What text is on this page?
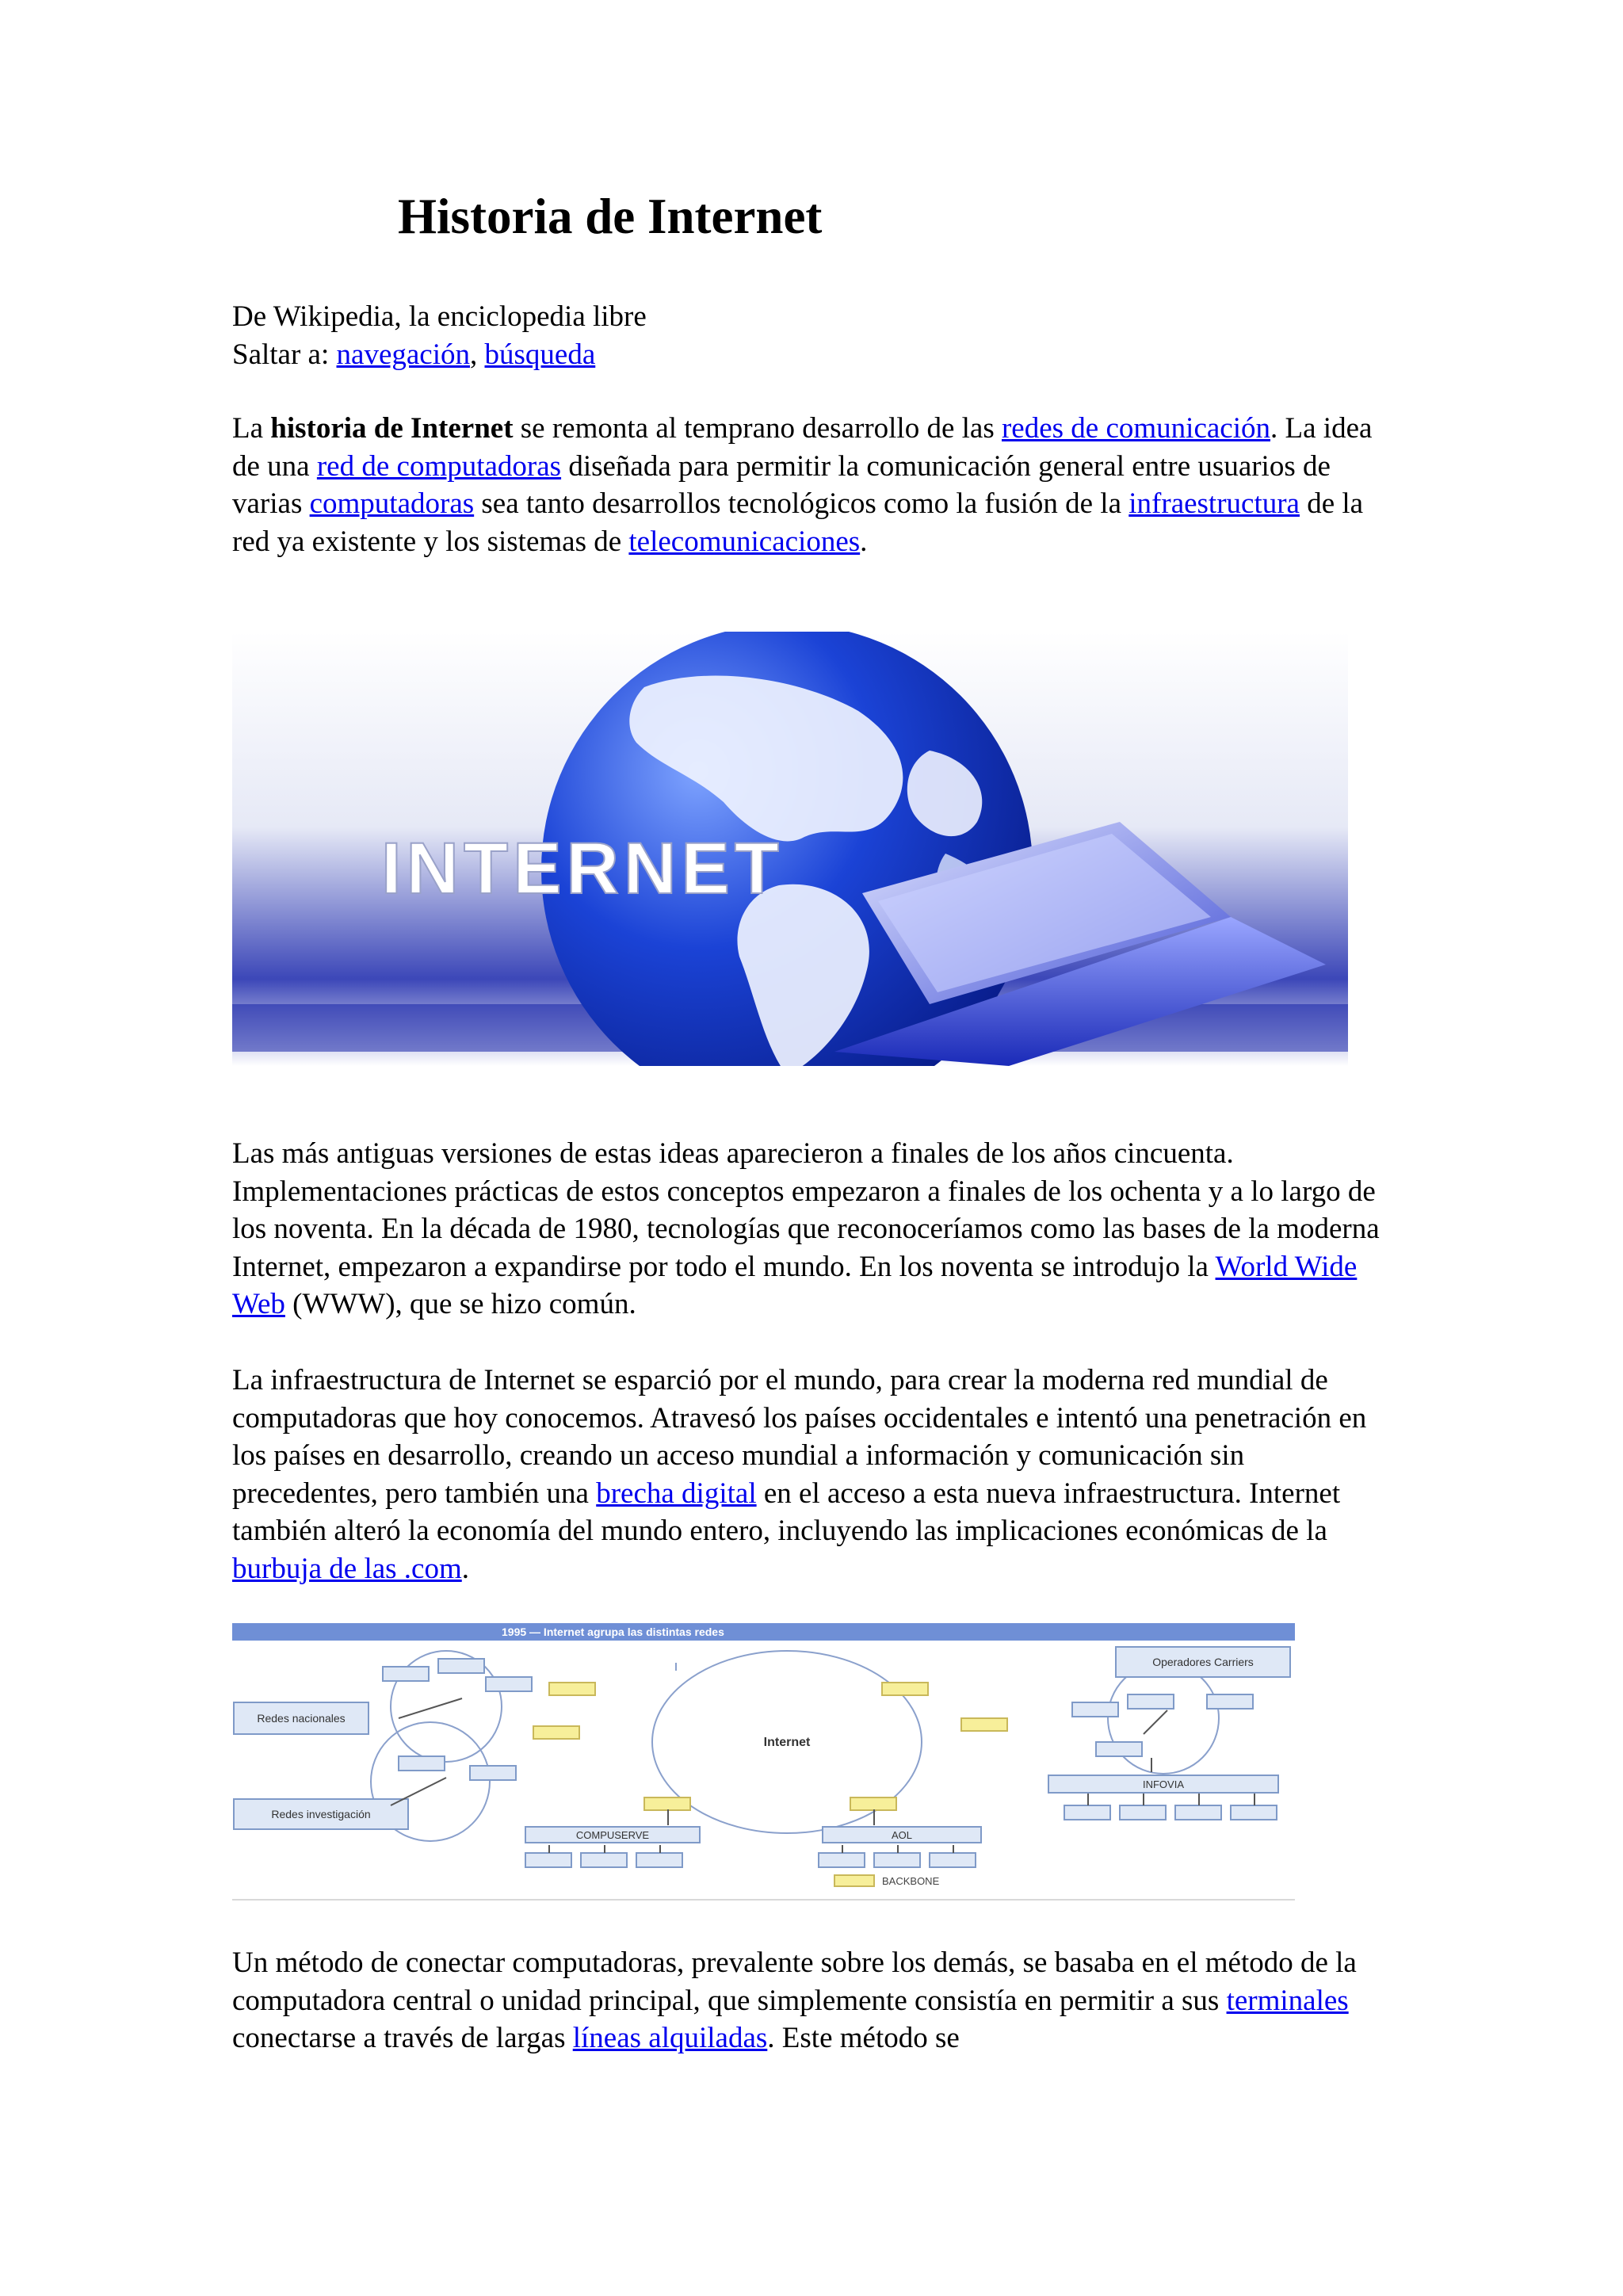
Historia de Internet

De Wikipedia, la enciclopedia libre

Saltar a: navegación, búsqueda

La historia de Internet se remonta al temprano desarrollo de las redes de comunicación. La idea de una red de computadoras diseñada para permitir la comunicación general entre usuarios de varias computadoras sea tanto desarrollos tecnológicos como la fusión de la infraestructura de la red ya existente y los sistemas de telecomunicaciones.

INTERNET

Las más antiguas versiones de estas ideas aparecieron a finales de los años cincuenta. Implementaciones prácticas de estos conceptos empezaron a finales de los ochenta y a lo largo de los noventa. En la década de 1980, tecnologías que reconoceríamos como las bases de la moderna Internet, empezaron a expandirse por todo el mundo. En los noventa se introdujo la World Wide Web (WWW), que se hizo común.

La infraestructura de Internet se esparció por el mundo, para crear la moderna red mundial de computadoras que hoy conocemos. Atravesó los países occidentales e intentó una penetración en los países en desarrollo, creando un acceso mundial a información y comunicación sin precedentes, pero también una brecha digital en el acceso a esta nueva infraestructura. Internet también alteró la economía del mundo entero, incluyendo las implicaciones económicas de la burbuja de las .com.

1995 — Internet agrupa las distintas redes
Redes nacionales
Redes investigación
Operadores Carriers
INFOVIA
COMPUSERVE	AOL
Internet
BACKBONE

Un método de conectar computadoras, prevalente sobre los demás, se basaba en el método de la computadora central o unidad principal, que simplemente consistía en permitir a sus terminales conectarse a través de largas líneas alquiladas. Este método se
